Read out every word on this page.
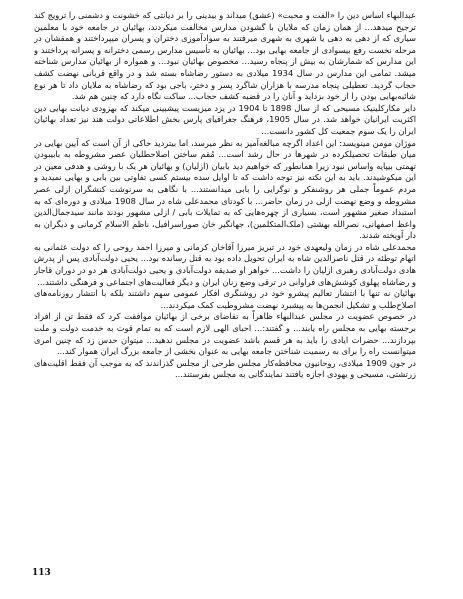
عبدالبهاء اساس دین را «الفت و محبت» (عشق) میداند و بیدینی را بر دیانتی که خشونت و دشمنی را ترویج کند ترجیح میدهد... از همان زمان که ملایان با گشودن مدارس مخالفت میکردند، بهائیان در جامعه خود با معلمین سیاری که از دهی به دهی یا شهری به شهری میرفتند به سوادآموزی دختران و پسران میپرداختند و همقشان در مرحله نخست رفع بیسوادی از جامعه بهایی بود... بهائیان به تأسیس مدارس رسمی دخترانه و پسرانه پرداختند و این مدارس که شمارشان به بیش از پنجاه رسید... مخصوص بهائیان نبود... و همواره از بهائیان مدارس شناخته میشد. تمامی این مدارس در سال 1934 میلادی به دستور رضاشاه بسته شد و در واقع قربانی نهضت کشف حجاب گردید. تعطیلی پنجاه مدرسه با هزاران شاگرد پسر و دختر، باجی بود که رضاشاه به ملایان داد تا هر نوع شائبه‌بهایی بودن را از خود بزداید و آنان را در قضیه کشف حجاب... ساکت نگاه دارد که چنین هم شد.

دایر مکارکلینیک مسیحی که از سال 1898 تا 1904 در یزد میزیست پیشبینی میکند که بهزودی دیانت بهایی دین اکثریت ایرانیان خواهد شد. در سال 1905، فرهنگ جغرافیای پارس بخش اطلاعاتی دولت هند نیز تعداد بهائیان ایران را یک سوم جمعیت کل کشور دانست...

موژان مومن مینویسد: این اعداد اگرچه مبالغه‌آمیز به نظر میرسد، اما بیتردید حاکی از آن است که آیین بهایی در میان طبقات تحصیلکرده در شهرها در حال رشد است... مُقم ساختن اصلاحطلبان عصر مشروطه به بابیبودن تهمتی بیپایه واساس نبود زیرا همانطور که خواهیم دید بابیان (ازلیان) و بهائیان هر یک با روشی و هدفی معین در این میکوشیدند. باید به این نکته نیز توجه داشت که تا اوایل سده بیستم کسی تفاوتی بین بابی و بهایی نمیدید و مردم عموماً جملی هر روشنفکر و نوگرایی را بابی میدانستند... با نگاهی به سرنوشت کنشگران ازلی عصر مشروطه و وضع نهضت ازلی در زمان حاضر... با کودتای محمدعلی شاه در سال 1908 میلادی و دوره‌ای که به استبداد صغیر مشهور است، بسیاری از چهره‌هایی که به تمایلات بابی / ازلی مشهور بودند مانند سیدجمال‌الدین واعظ اصفهانی، نصرالله بهشتی (ملک‌المتکلمین)، جهانگیر خان صوراسرافیل، ناظم الاسلام کرمانی و دیگران به دار آویخته شدند.

محمدعلی شاه در زمان ولیعهدی خود در تبریز میرزا آقاخان کرمانی و میرزا احمد روحی را که دولت عثمانی به اتهام توطئه در قتل ناصرالدین شاه به ایران تحویل داده بود به قتل رسانده بود... یحیی دولت‌آبادی پس از پدرش هادی دولت‌آبادی رهبری ازلیان را داشت... خواهر او صدیقه دولت‌آبادی و یحیی دولت‌آبادی هر دو در دوران قاجار و رضاشاه پهلوی کوشش‌های فراوانی در ترقی وضع زنان ایران و دیگر فعالیت‌های اجتماعی و فرهنگی داشتند...

بهائیان نه تنها با انتشار تعالیم پیشرو خود در روشنگری افکار عمومی سهم داشتند بلکه با انتشار روزنامه‌های اصلاح‌طلب و تشکیل انجمن‌ها به پیشبرد نهضت مشروطیت کمک میکردند...

در خصوص عضویت در مجلس عبدالبهاء ظاهراً به تقاضای برخی از بهائیان موافقت کرد که فقط تن از افراد برجسته بهایی به مجلس راه یابند... و گفتند:... احبای الهی لازم است که به تمام قوت به خدمت دولت و ملت بپردازند... حضرات ایادی را باید به هر قسم باشد عضویت در مجلس ندهید... میتوان حدس زد که چنین امری میتوانست راه را برای به رسمیت شناختن جامعه بهایی به عنوان بخشی از جامعه بزرگ ایران هموار کند...

در جون 1909 میلادی، روحانیون محافظه‌کار مجلس طرحی از مجلس گذراندند که به موجب آن فقط اقلیت‌های زرتشتی، مسیحی و یهودی اجازه یافتند نمایندگانی به مجلس بفرستند...

113
